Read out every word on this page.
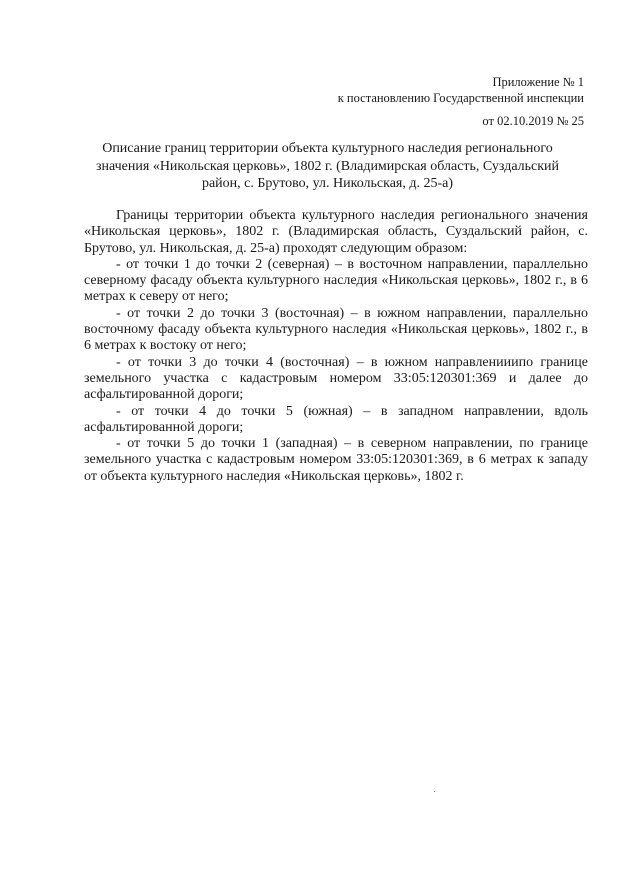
Приложение № 1
к постановлению Государственной инспекции
от 02.10.2019 № 25
Описание границ территории объекта культурного наследия регионального значения «Никольская церковь», 1802 г. (Владимирская область, Суздальский район, с. Брутово, ул. Никольская, д. 25-а)

Границы территории объекта культурного наследия регионального значения «Никольская церковь», 1802 г. (Владимирская область, Суздальский район, с. Брутово, ул. Никольская, д. 25-а) проходят следующим образом:

- от точки 1 до точки 2 (северная) – в восточном направлении, параллельно северному фасаду объекта культурного наследия «Никольская церковь», 1802 г., в 6 метрах к северу от него;

- от точки 2 до точки 3 (восточная) – в южном направлении, параллельно восточному фасаду объекта культурного наследия «Никольская церковь», 1802 г., в 6 метрах к востоку от него;

- от точки 3 до точки 4 (восточная) – в южном направленииипо границе земельного участка с кадастровым номером 33:05:120301:369 и далее до асфальтированной дороги;

- от точки 4 до точки 5 (южная) – в западном направлении, вдоль асфальтированной дороги;

- от точки 5 до точки 1 (западная) – в северном направлении, по границе земельного участка с кадастровым номером 33:05:120301:369, в 6 метрах к западу от объекта культурного наследия «Никольская церковь», 1802 г.
